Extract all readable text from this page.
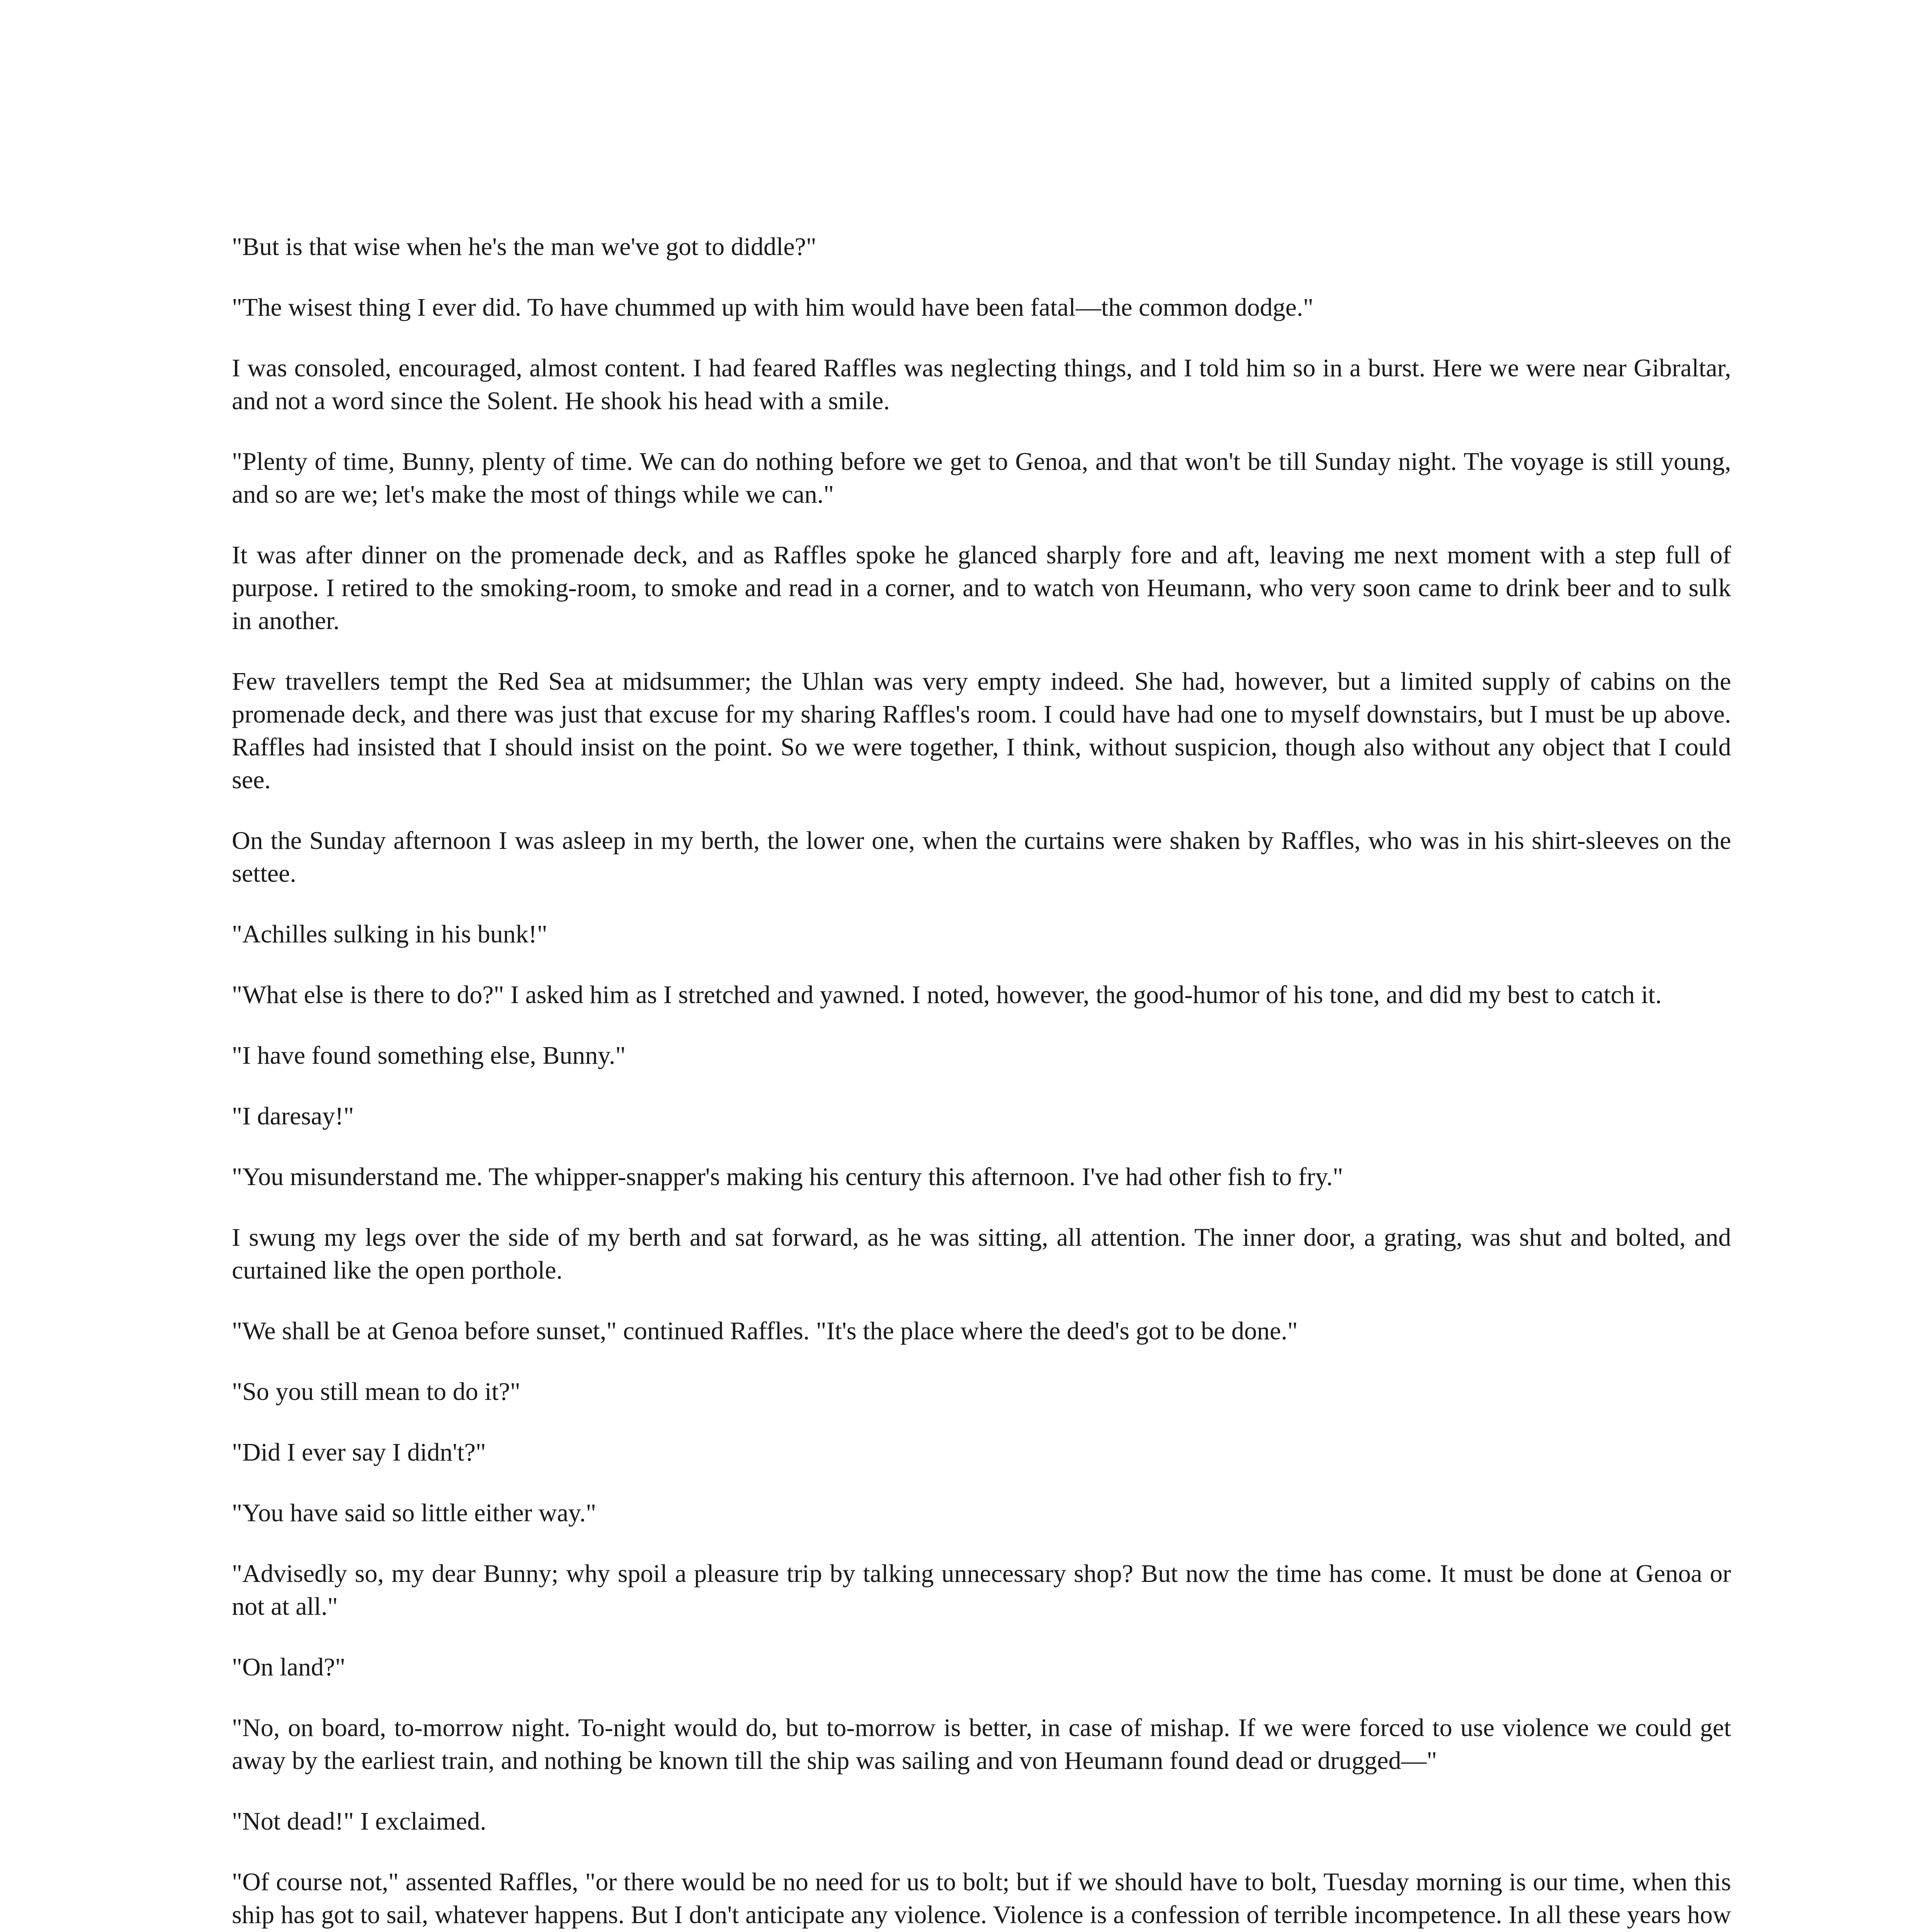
"But is that wise when he's the man we've got to diddle?"

"The wisest thing I ever did. To have chummed up with him would have been fatal—the common dodge."

I was consoled, encouraged, almost content. I had feared Raffles was neglecting things, and I told him so in a burst. Here we were near Gibraltar, and not a word since the Solent. He shook his head with a smile.

"Plenty of time, Bunny, plenty of time. We can do nothing before we get to Genoa, and that won't be till Sunday night. The voyage is still young, and so are we; let's make the most of things while we can."

It was after dinner on the promenade deck, and as Raffles spoke he glanced sharply fore and aft, leaving me next moment with a step full of purpose. I retired to the smoking-room, to smoke and read in a corner, and to watch von Heumann, who very soon came to drink beer and to sulk in another.

Few travellers tempt the Red Sea at midsummer; the Uhlan was very empty indeed. She had, however, but a limited supply of cabins on the promenade deck, and there was just that excuse for my sharing Raffles's room. I could have had one to myself downstairs, but I must be up above. Raffles had insisted that I should insist on the point. So we were together, I think, without suspicion, though also without any object that I could see.

On the Sunday afternoon I was asleep in my berth, the lower one, when the curtains were shaken by Raffles, who was in his shirt-sleeves on the settee.

"Achilles sulking in his bunk!"

"What else is there to do?" I asked him as I stretched and yawned. I noted, however, the good-humor of his tone, and did my best to catch it.

"I have found something else, Bunny."

"I daresay!"

"You misunderstand me. The whipper-snapper's making his century this afternoon. I've had other fish to fry."

I swung my legs over the side of my berth and sat forward, as he was sitting, all attention. The inner door, a grating, was shut and bolted, and curtained like the open porthole.

"We shall be at Genoa before sunset," continued Raffles. "It's the place where the deed's got to be done."

"So you still mean to do it?"

"Did I ever say I didn't?"

"You have said so little either way."

"Advisedly so, my dear Bunny; why spoil a pleasure trip by talking unnecessary shop? But now the time has come. It must be done at Genoa or not at all."

"On land?"

"No, on board, to-morrow night. To-night would do, but to-morrow is better, in case of mishap. If we were forced to use violence we could get away by the earliest train, and nothing be known till the ship was sailing and von Heumann found dead or drugged—"

"Not dead!" I exclaimed.

"Of course not," assented Raffles, "or there would be no need for us to bolt; but if we should have to bolt, Tuesday morning is our time, when this ship has got to sail, whatever happens. But I don't anticipate any violence. Violence is a confession of terrible incompetence. In all these years how
